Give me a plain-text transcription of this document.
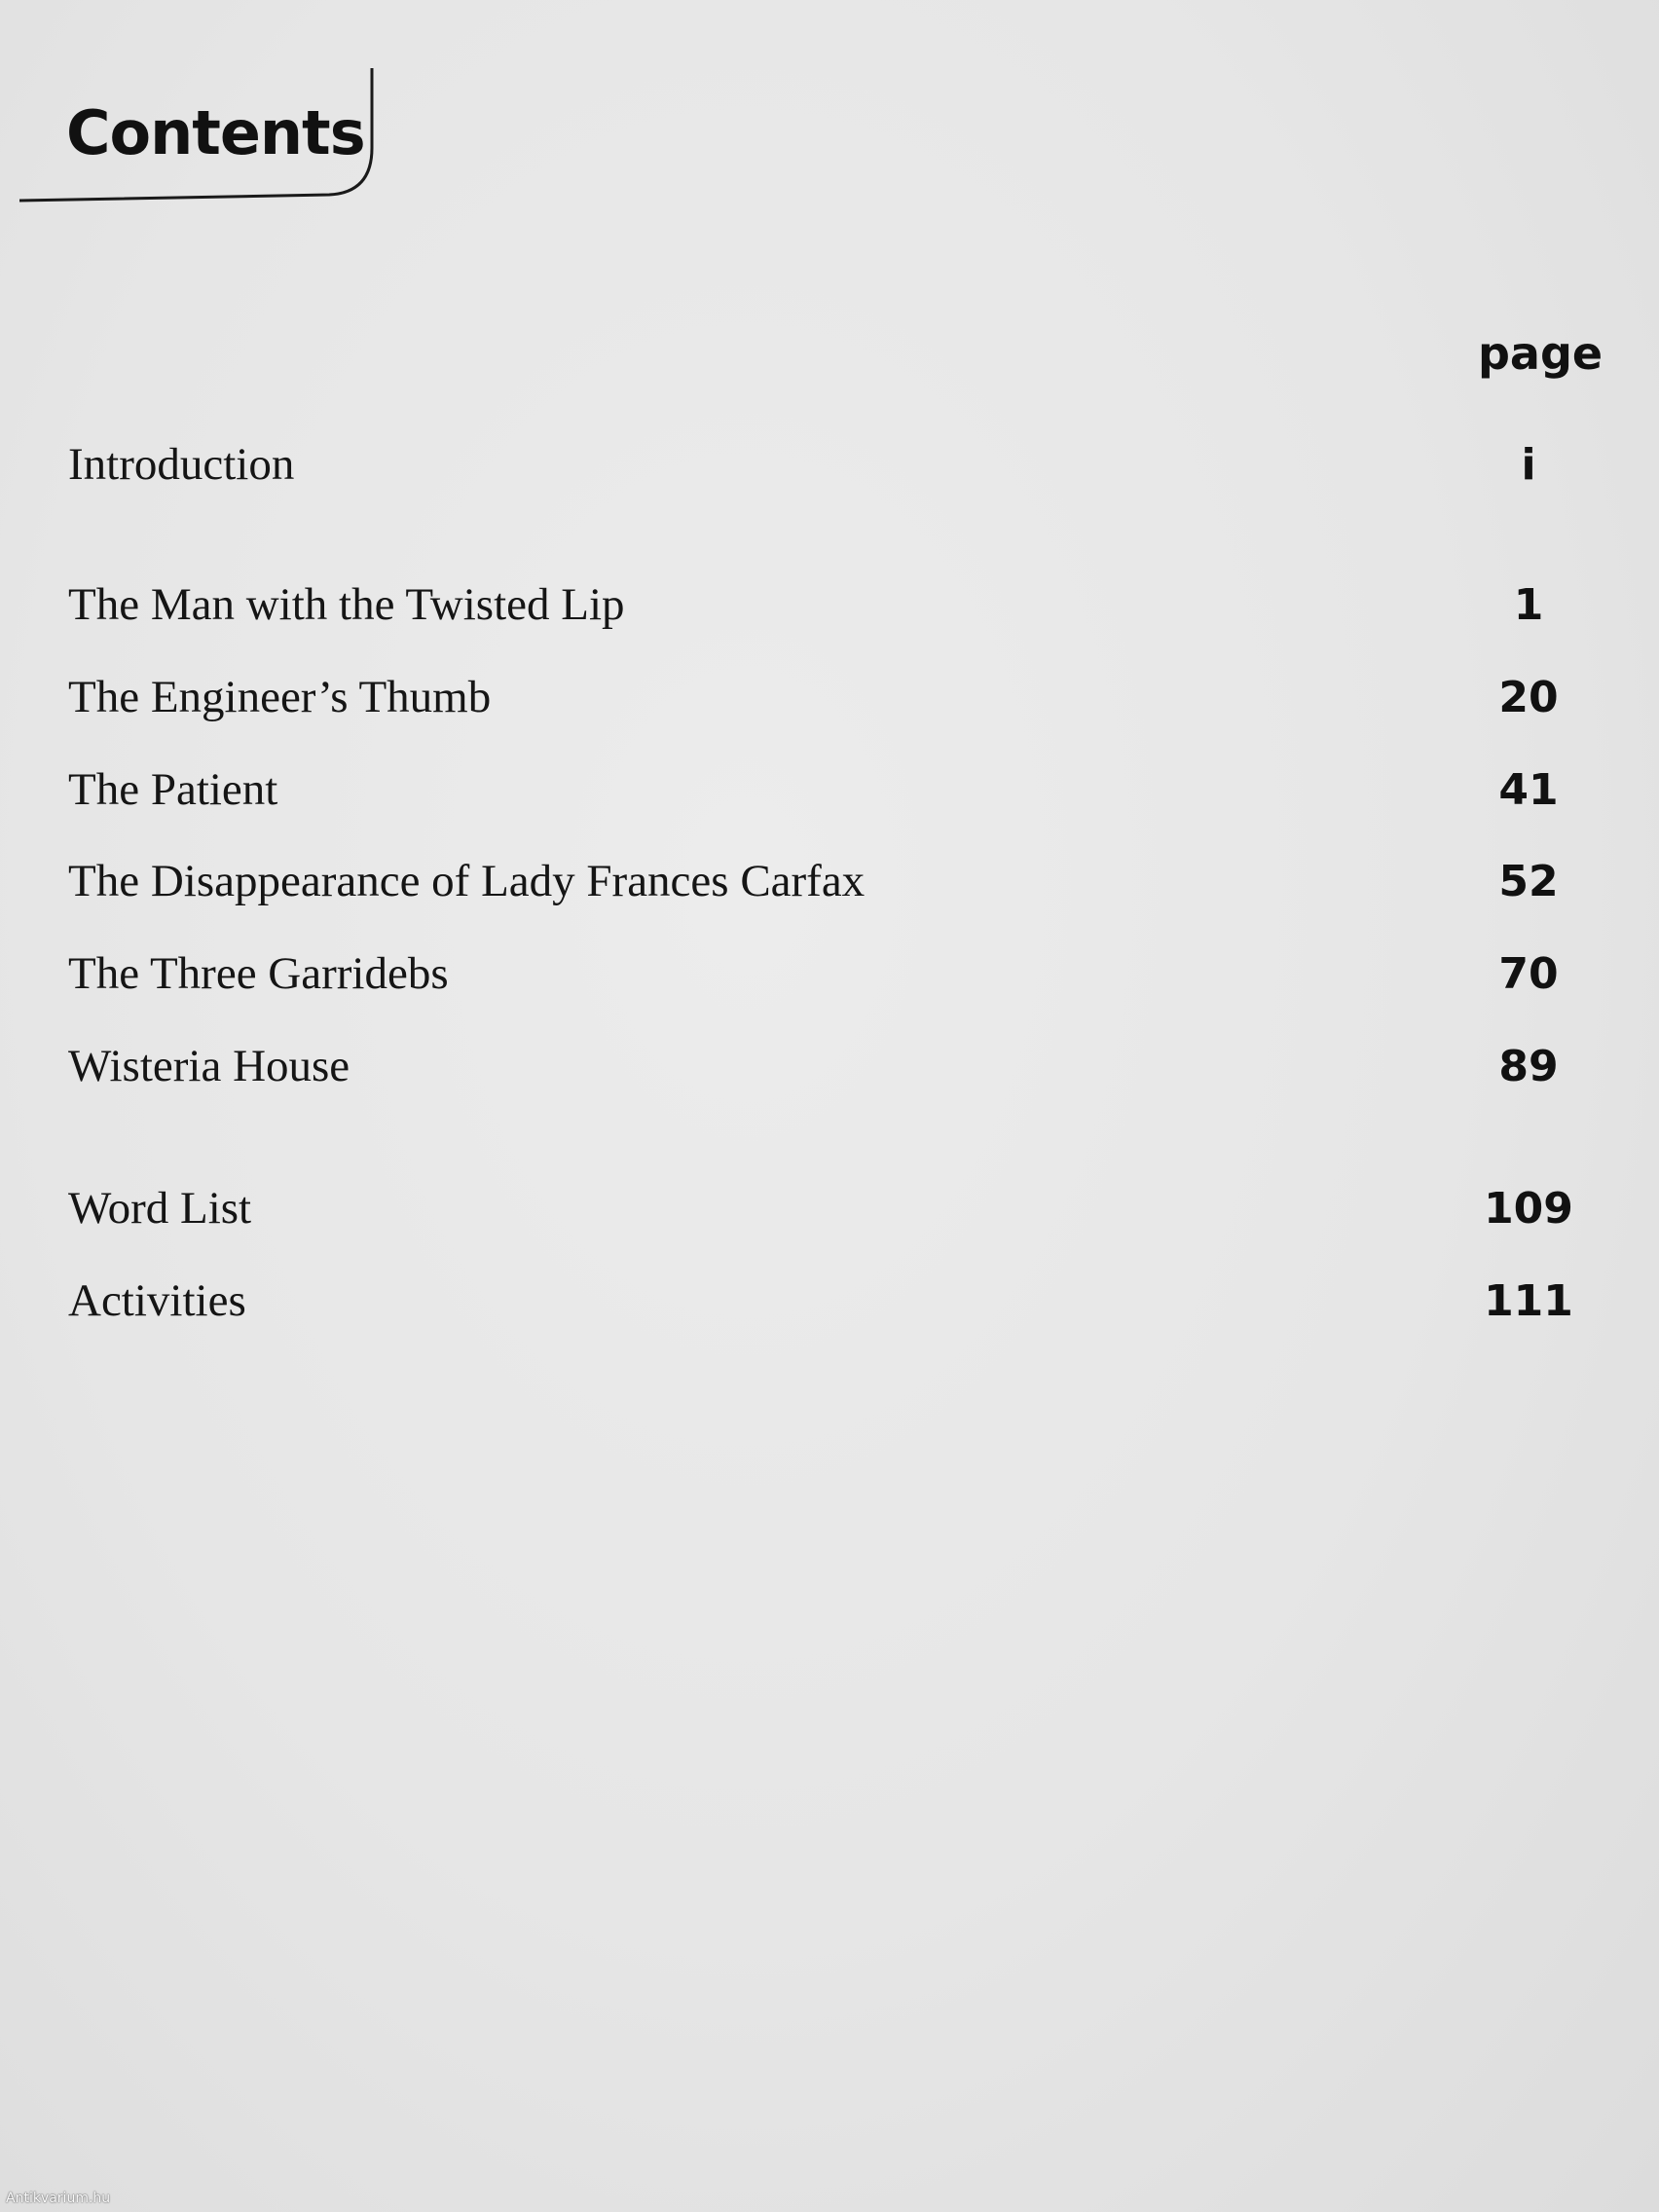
Contents
page
Introduction	i
The Man with the Twisted Lip	1
The Engineer’s Thumb	20
The Patient	41
The Disappearance of Lady Frances Carfax	52
The Three Garridebs	70
Wisteria House	89
Word List	109
Activities	111
Antikvarium.hu
